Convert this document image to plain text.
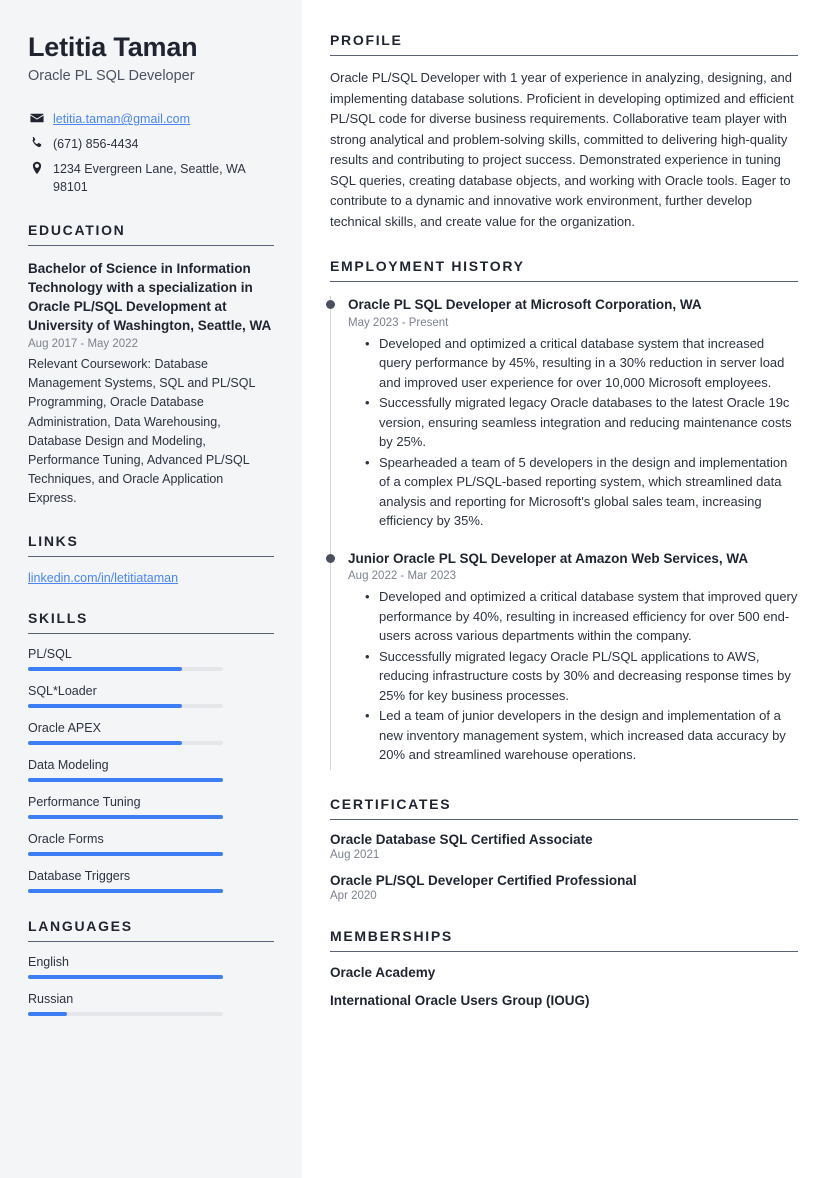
Letitia Taman
Oracle PL SQL Developer
letitia.taman@gmail.com
(671) 856-4434
1234 Evergreen Lane, Seattle, WA 98101
EDUCATION
Bachelor of Science in Information Technology with a specialization in Oracle PL/SQL Development at University of Washington, Seattle, WA
Aug 2017 - May 2022
Relevant Coursework: Database Management Systems, SQL and PL/SQL Programming, Oracle Database Administration, Data Warehousing, Database Design and Modeling, Performance Tuning, Advanced PL/SQL Techniques, and Oracle Application Express.
LINKS
linkedin.com/in/letitiataman
SKILLS
PL/SQL
SQL*Loader
Oracle APEX
Data Modeling
Performance Tuning
Oracle Forms
Database Triggers
LANGUAGES
English
Russian
PROFILE

Oracle PL/SQL Developer with 1 year of experience in analyzing, designing, and implementing database solutions. Proficient in developing optimized and efficient PL/SQL code for diverse business requirements. Collaborative team player with strong analytical and problem-solving skills, committed to delivering high-quality results and contributing to project success. Demonstrated experience in tuning SQL queries, creating database objects, and working with Oracle tools. Eager to contribute to a dynamic and innovative work environment, further develop technical skills, and create value for the organization.

EMPLOYMENT HISTORY
Oracle PL SQL Developer at Microsoft Corporation, WA
May 2023 - Present
• Developed and optimized a critical database system that increased query performance by 45%, resulting in a 30% reduction in server load and improved user experience for over 10,000 Microsoft employees.
• Successfully migrated legacy Oracle databases to the latest Oracle 19c version, ensuring seamless integration and reducing maintenance costs by 25%.
• Spearheaded a team of 5 developers in the design and implementation of a complex PL/SQL-based reporting system, which streamlined data analysis and reporting for Microsoft's global sales team, increasing efficiency by 35%.
Junior Oracle PL SQL Developer at Amazon Web Services, WA
Aug 2022 - Mar 2023
• Developed and optimized a critical database system that improved query performance by 40%, resulting in increased efficiency for over 500 end-users across various departments within the company.
• Successfully migrated legacy Oracle PL/SQL applications to AWS, reducing infrastructure costs by 30% and decreasing response times by 25% for key business processes.
• Led a team of junior developers in the design and implementation of a new inventory management system, which increased data accuracy by 20% and streamlined warehouse operations.
CERTIFICATES
Oracle Database SQL Certified Associate
Aug 2021
Oracle PL/SQL Developer Certified Professional
Apr 2020
MEMBERSHIPS
Oracle Academy
International Oracle Users Group (IOUG)
